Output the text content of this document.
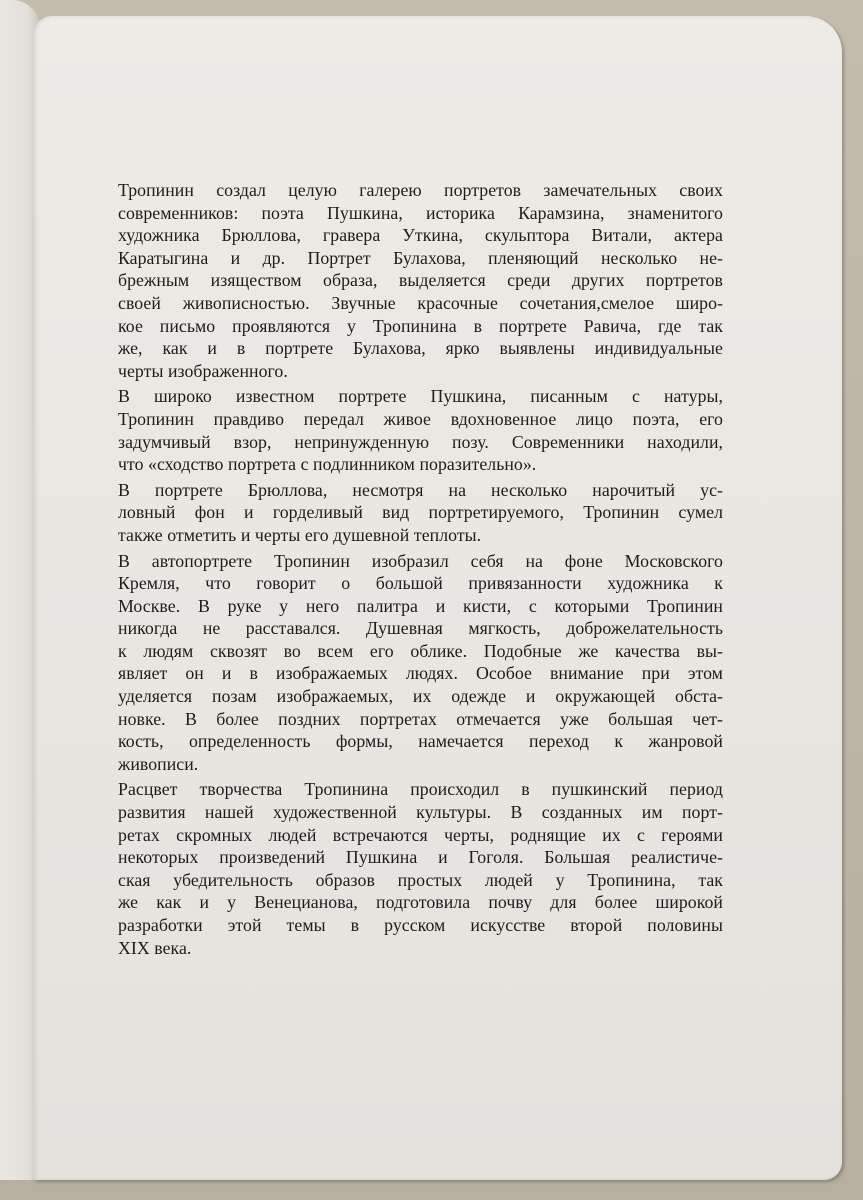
Тропинин создал целую галерею портретов замечательных своих
современников: поэта Пушкина, историка Карамзина, знаменитого
художника Брюллова, гравера Уткина, скульптора Витали, актера
Каратыгина и др. Портрет Булахова, пленяющий несколько не-
брежным изяществом образа, выделяется среди других портретов
своей живописностью. Звучные красочные сочетания,смелое широ-
кое письмо проявляются у Тропинина в портрете Равича, где так
же, как и в портрете Булахова, ярко выявлены индивидуальные
черты изображенного.

В широко известном портрете Пушкина, писанным с натуры,
Тропинин правдиво передал живое вдохновенное лицо поэта, его
задумчивый взор, непринужденную позу. Современники находили,
что «сходство портрета с подлинником поразительно».

В портрете Брюллова, несмотря на несколько нарочитый ус-
ловный фон и горделивый вид портретируемого, Тропинин сумел
также отметить и черты его душевной теплоты.

В автопортрете Тропинин изобразил себя на фоне Московского
Кремля, что говорит о большой привязанности художника к
Москве. В руке у него палитра и кисти, с которыми Тропинин
никогда не расставался. Душевная мягкость, доброжелательность
к людям сквозят во всем его облике. Подобные же качества вы-
являет он и в изображаемых людях. Особое внимание при этом
уделяется позам изображаемых, их одежде и окружающей обста-
новке. В более поздних портретах отмечается уже большая чет-
кость, определенность формы, намечается переход к жанровой
живописи.

Расцвет творчества Тропинина происходил в пушкинский период
развития нашей художественной культуры. В созданных им порт-
ретах скромных людей встречаются черты, роднящие их с героями
некоторых произведений Пушкина и Гоголя. Большая реалистиче-
ская убедительность образов простых людей у Тропинина, так
же как и у Венецианова, подготовила почву для более широкой
разработки этой темы в русском искусстве второй половины
XIX века.
